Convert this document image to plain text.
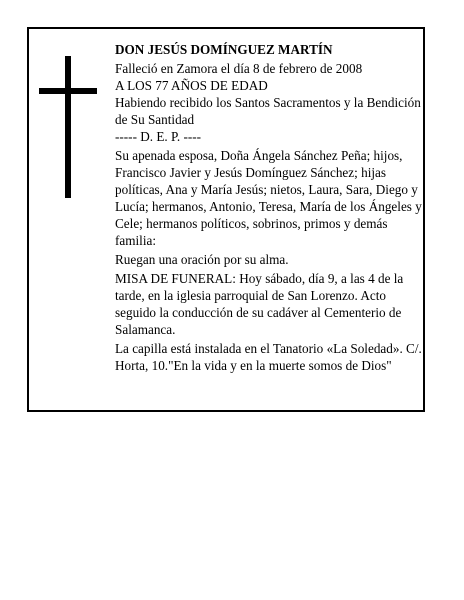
DON JESÚS DOMÍNGUEZ MARTÍN

Falleció en Zamora el día 8 de febrero de 2008

A LOS 77 AÑOS DE EDAD

Habiendo recibido los Santos Sacramentos y la Bendición de Su Santidad

----- D. E. P. ----

Su apenada esposa, Doña Ángela Sánchez Peña; hijos, Francisco Javier y Jesús Domínguez Sánchez; hijas políticas, Ana y María Jesús; nietos, Laura, Sara, Diego y Lucía; hermanos, Antonio, Teresa, María de los Ángeles y Cele; hermanos políticos, sobrinos, primos y demás familia:

Ruegan una oración por su alma.

MISA DE FUNERAL: Hoy sábado, día 9, a las 4 de la tarde, en la iglesia parroquial de San Lorenzo. Acto seguido la conducción de su cadáver al Cementerio de Salamanca.

La capilla está instalada en el Tanatorio «La Soledad». C/. Horta, 10."En la vida y en la muerte somos de Dios"
